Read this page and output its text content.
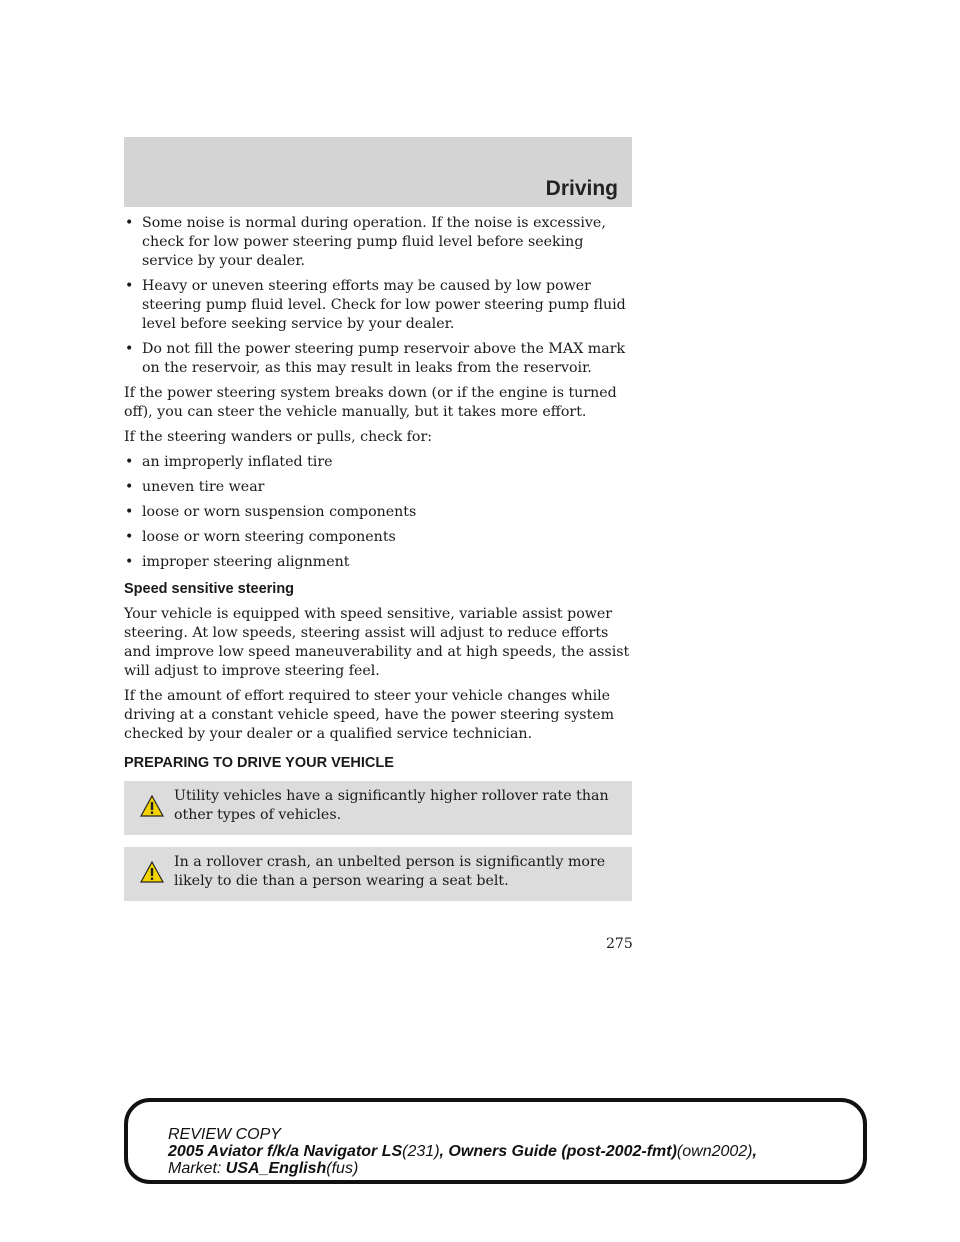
Driving
• Some noise is normal during operation. If the noise is excessive, check for low power steering pump fluid level before seeking service by your dealer.
• Heavy or uneven steering efforts may be caused by low power steering pump fluid level. Check for low power steering pump fluid level before seeking service by your dealer.
• Do not fill the power steering pump reservoir above the MAX mark on the reservoir, as this may result in leaks from the reservoir.

If the power steering system breaks down (or if the engine is turned off), you can steer the vehicle manually, but it takes more effort.

If the steering wanders or pulls, check for:

• an improperly inflated tire
• uneven tire wear
• loose or worn suspension components
• loose or worn steering components
• improper steering alignment
Speed sensitive steering

Your vehicle is equipped with speed sensitive, variable assist power steering. At low speeds, steering assist will adjust to reduce efforts and improve low speed maneuverability and at high speeds, the assist will adjust to improve steering feel.

If the amount of effort required to steer your vehicle changes while driving at a constant vehicle speed, have the power steering system checked by your dealer or a qualified service technician.

PREPARING TO DRIVE YOUR VEHICLE
Utility vehicles have a significantly higher rollover rate than other types of vehicles.
In a rollover crash, an unbelted person is significantly more likely to die than a person wearing a seat belt.
275
REVIEW COPY
2005 Aviator f/k/a Navigator LS(231), Owners Guide (post-2002-fmt)(own2002),
Market: USA_English(fus)
